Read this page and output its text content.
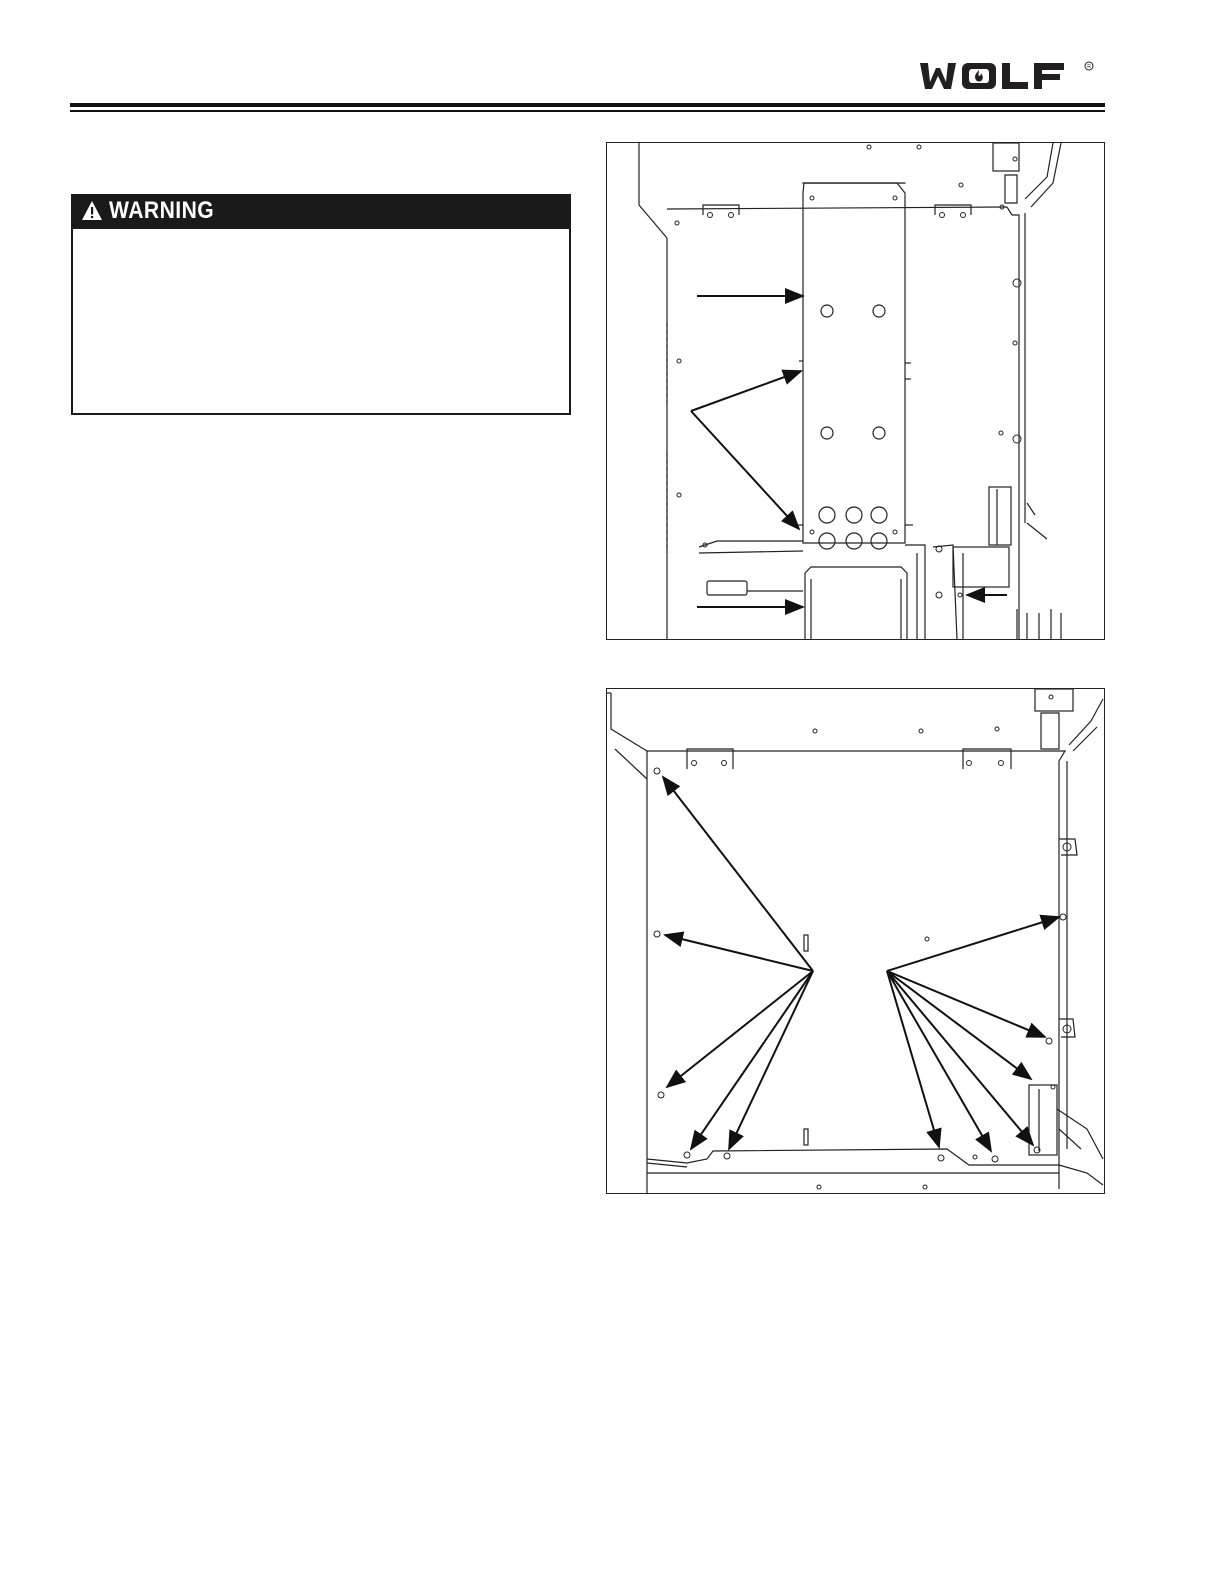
R
WARNING
